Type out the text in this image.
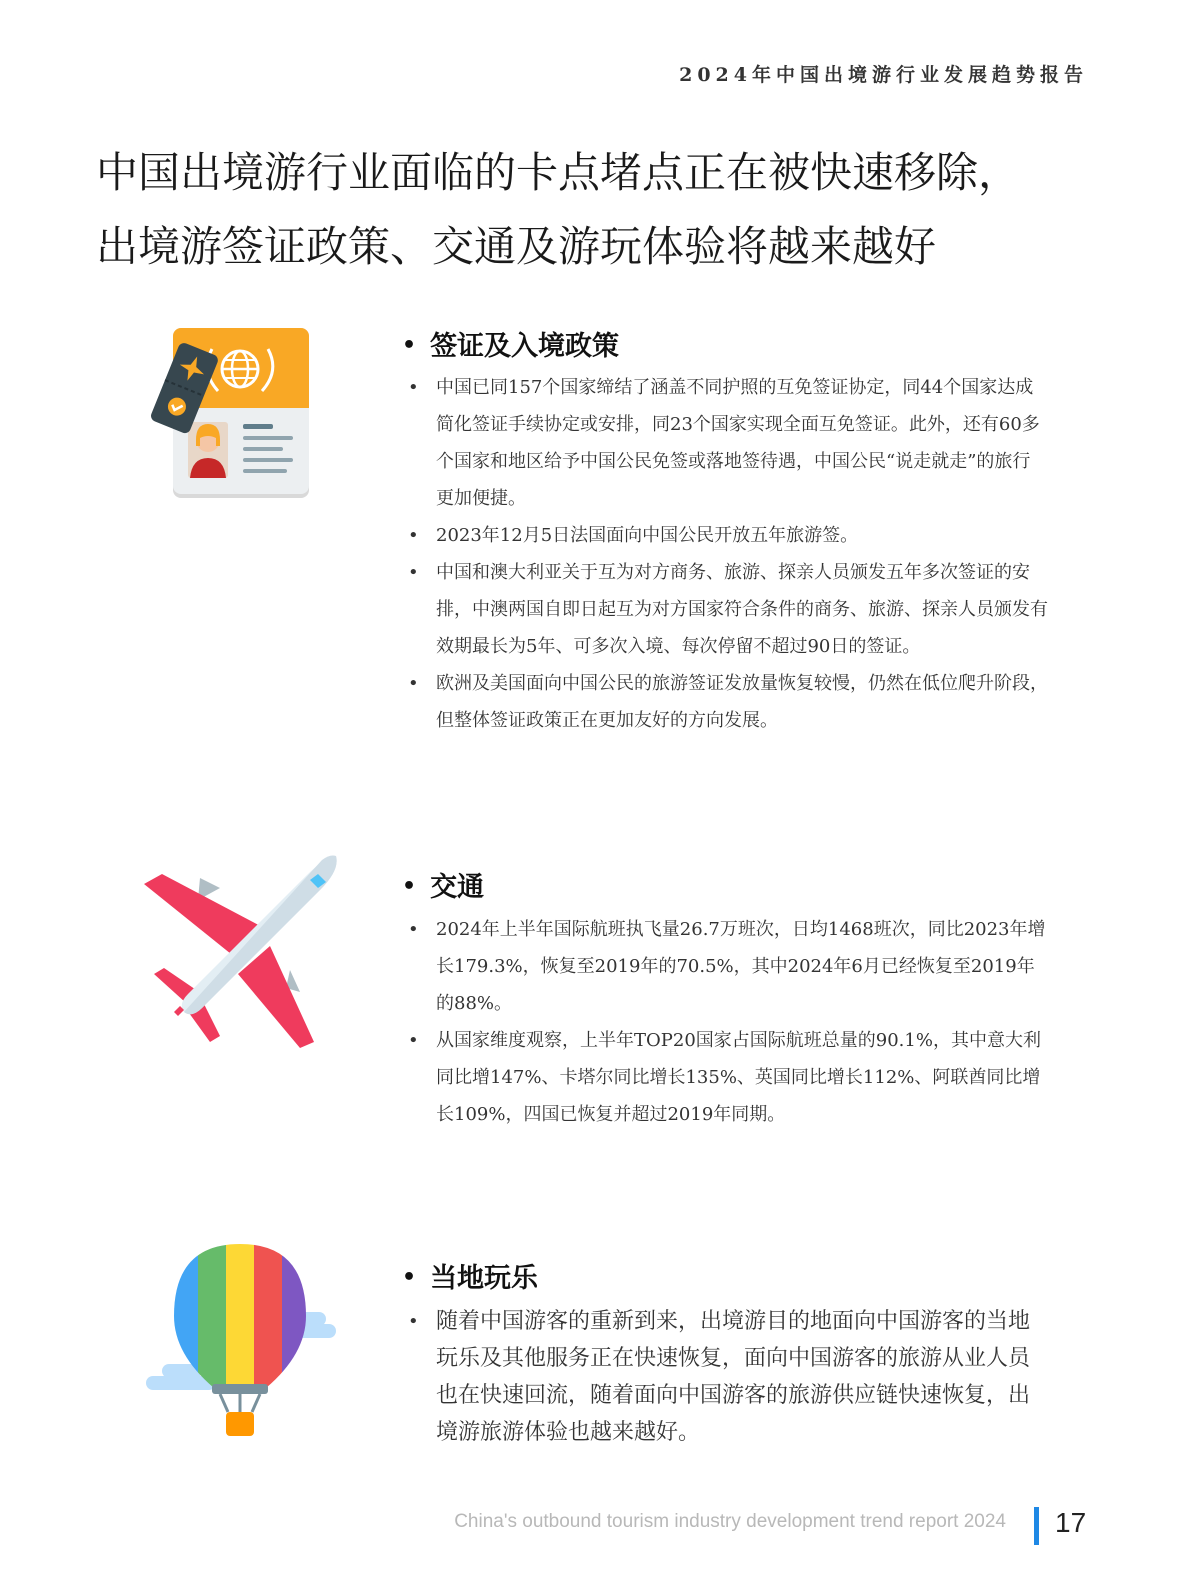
2024年中国出境游行业发展趋势报告
中国出境游行业面临的卡点堵点正在被快速移除，
出境游签证政策、交通及游玩体验将越来越好
• 签证及入境政策
• 中国已同157个国家缔结了涵盖不同护照的互免签证协定，同44个国家达成简化签证手续协定或安排，同23个国家实现全面互免签证。此外，还有60多个国家和地区给予中国公民免签或落地签待遇，中国公民“说走就走”的旅行更加便捷。
• 2023年12月5日法国面向中国公民开放五年旅游签。
• 中国和澳大利亚关于互为对方商务、旅游、探亲人员颁发五年多次签证的安排，中澳两国自即日起互为对方国家符合条件的商务、旅游、探亲人员颁发有效期最长为5年、可多次入境、每次停留不超过90日的签证。
• 欧洲及美国面向中国公民的旅游签证发放量恢复较慢，仍然在低位爬升阶段，但整体签证政策正在更加友好的方向发展。
• 交通
• 2024年上半年国际航班执飞量26.7万班次，日均1468班次，同比2023年增长179.3%，恢复至2019年的70.5%，其中2024年6月已经恢复至2019年的88%。
• 从国家维度观察，上半年TOP20国家占国际航班总量的90.1%，其中意大利同比增147%、卡塔尔同比增长135%、英国同比增长112%、阿联酋同比增长109%，四国已恢复并超过2019年同期。
• 当地玩乐
• 随着中国游客的重新到来，出境游目的地面向中国游客的当地玩乐及其他服务正在快速恢复，面向中国游客的旅游从业人员也在快速回流，随着面向中国游客的旅游供应链快速恢复，出境游旅游体验也越来越好。
China's outbound tourism industry development trend report 2024 17
